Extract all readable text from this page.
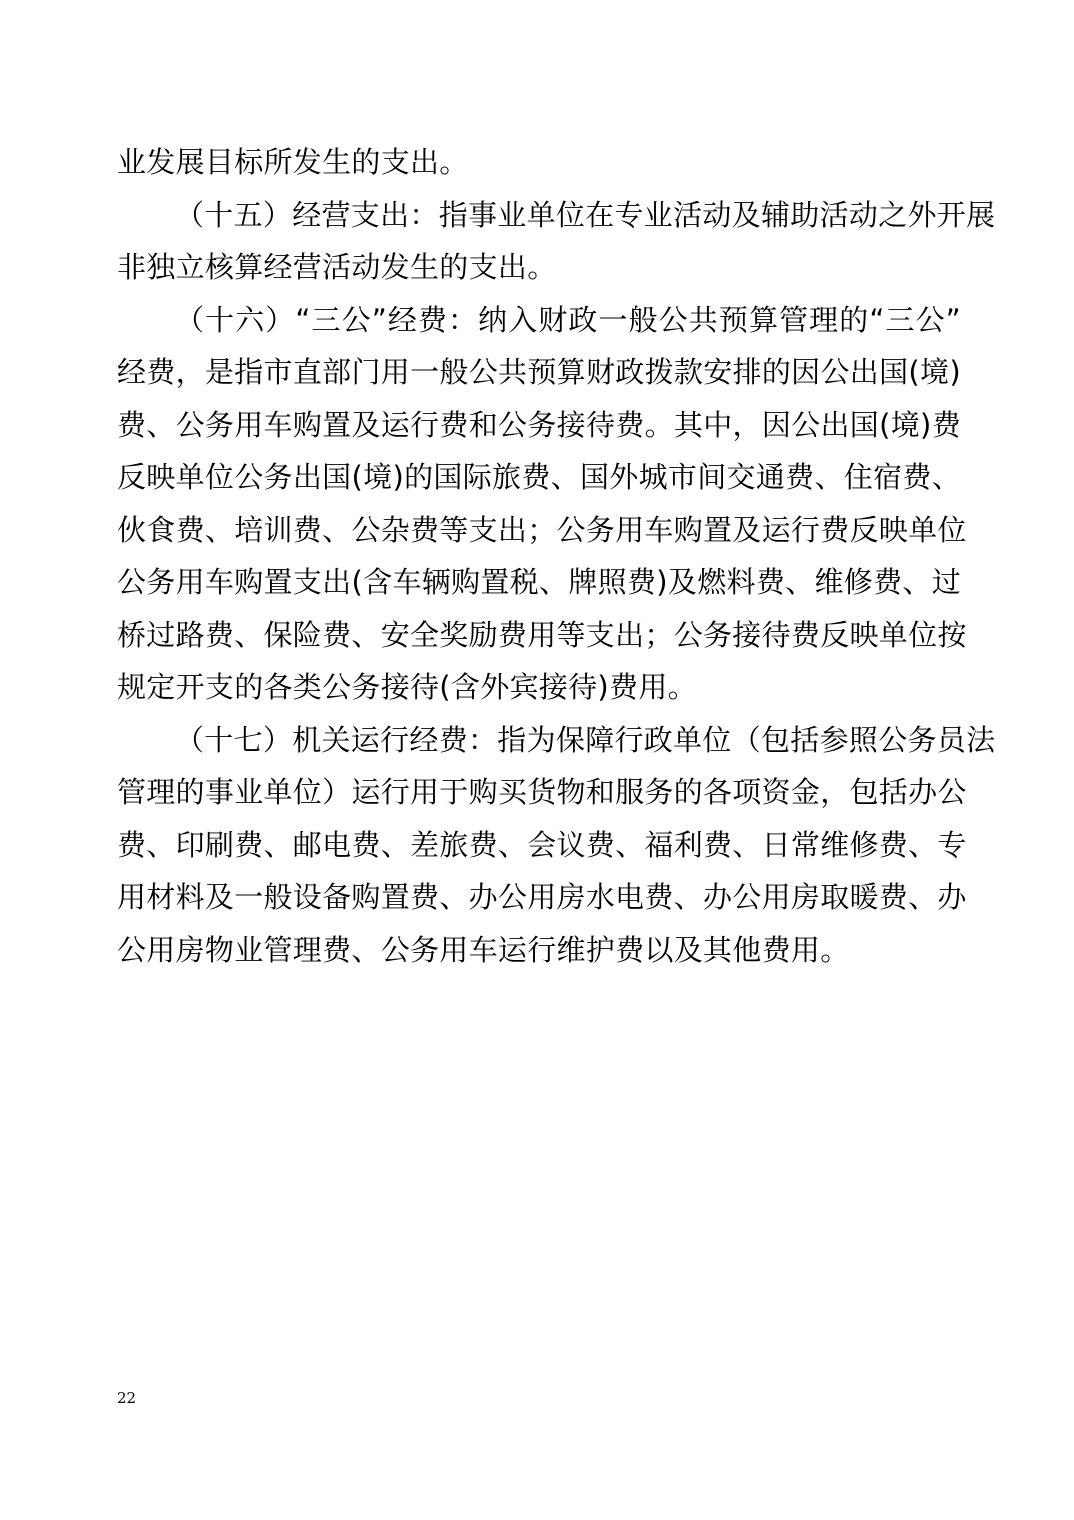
业发展目标所发生的支出。
（十五）经营支出：指事业单位在专业活动及辅助活动之外开展
非独立核算经营活动发生的支出。
（十六）“三公”经费：纳入财政一般公共预算管理的“三公”
经费，是指市直部门用一般公共预算财政拨款安排的因公出国(境)
费、公务用车购置及运行费和公务接待费。其中，因公出国(境)费
反映单位公务出国(境)的国际旅费、国外城市间交通费、住宿费、
伙食费、培训费、公杂费等支出；公务用车购置及运行费反映单位
公务用车购置支出(含车辆购置税、牌照费)及燃料费、维修费、过
桥过路费、保险费、安全奖励费用等支出；公务接待费反映单位按
规定开支的各类公务接待(含外宾接待)费用。
（十七）机关运行经费：指为保障行政单位（包括参照公务员法
管理的事业单位）运行用于购买货物和服务的各项资金，包括办公
费、印刷费、邮电费、差旅费、会议费、福利费、日常维修费、专
用材料及一般设备购置费、办公用房水电费、办公用房取暖费、办
公用房物业管理费、公务用车运行维护费以及其他费用。
22
